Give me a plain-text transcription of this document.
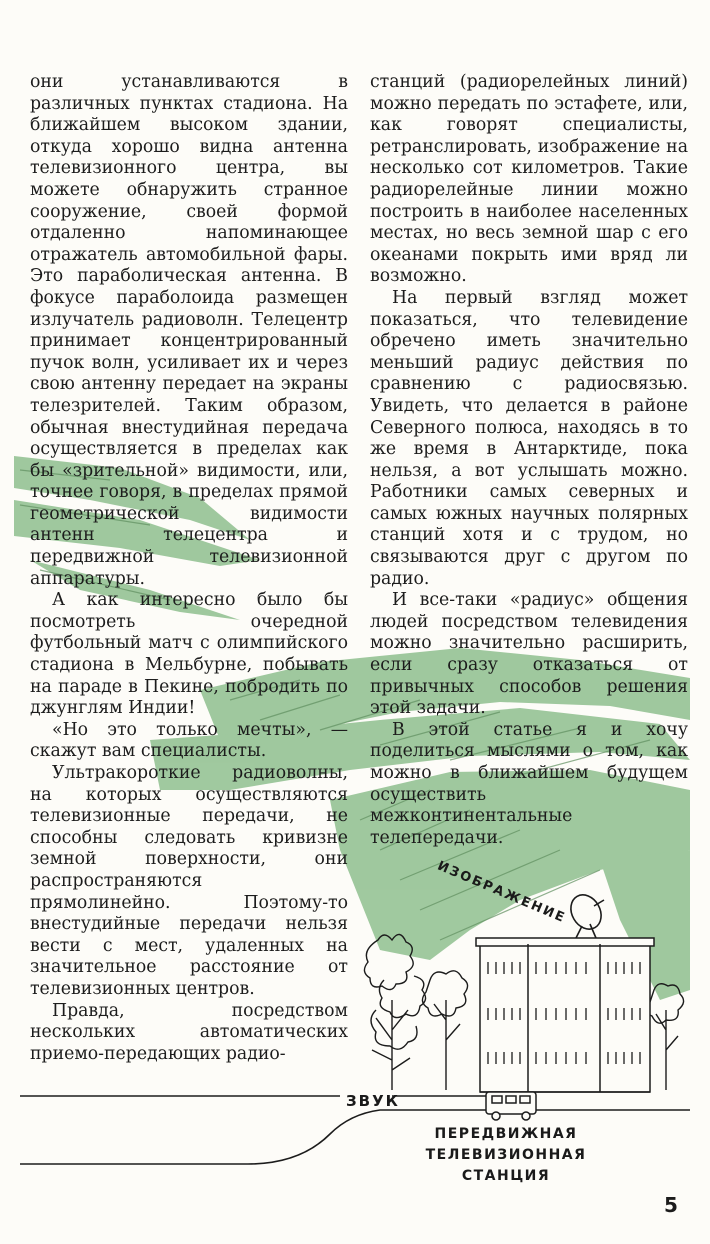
они устанавливаются в различных пунктах стадиона. На ближайшем высоком здании, откуда хорошо видна антенна телевизионного центра, вы можете обнаружить странное сооружение, своей формой отдаленно напоминающее отражатель автомобильной фары. Это параболическая антенна. В фокусе параболоида размещен излучатель радиоволн. Телецентр принимает концентрированный пучок волн, усиливает их и через свою антенну передает на экраны телезрителей. Таким образом, обычная внестудийная передача осуществляется в пределах как бы «зрительной» видимости, или, точнее говоря, в пределах прямой геометрической видимости антенн телецентра и передвижной телевизионной аппаратуры.

А как интересно было бы посмотреть очередной футбольный матч с олимпийского стадиона в Мельбурне, побывать на параде в Пекине, побродить по джунглям Индии!

«Но это только мечты», — скажут вам специалисты.

Ультракороткие радиоволны, на которых осуществляются телевизионные передачи, не способны следовать кривизне земной поверхности, они распространяются прямолинейно. Поэтому-то внестудийные передачи нельзя вести с мест, удаленных на значительное расстояние от телевизионных центров.

Правда, посредством нескольких автоматических приемо-передающих радио-

станций (радиорелейных линий) можно передать по эстафете, или, как говорят специалисты, ретранслировать, изображение на несколько сот километров. Такие радиорелейные линии можно построить в наиболее населенных местах, но весь земной шар с его океанами покрыть ими вряд ли возможно.

На первый взгляд может показаться, что телевидение обречено иметь значительно меньший радиус действия по сравнению с радиосвязью. Увидеть, что делается в районе Северного полюса, находясь в то же время в Антарктиде, пока нельзя, а вот услышать можно. Работники самых северных и самых южных научных полярных станций хотя и с трудом, но связываются друг с другом по радио.

И все-таки «радиус» общения людей посредством телевидения можно значительно расширить, если сразу отказаться от привычных способов решения этой задачи.

В этой статье я и хочу поделиться мыслями о том, как можно в ближайшем будущем осуществить межконтинентальные телепередачи.

ИЗОБРАЖЕНИЕ
ЗВУК
ПЕРЕДВИЖНАЯ
ТЕЛЕВИЗИОННАЯ
СТАНЦИЯ
5
